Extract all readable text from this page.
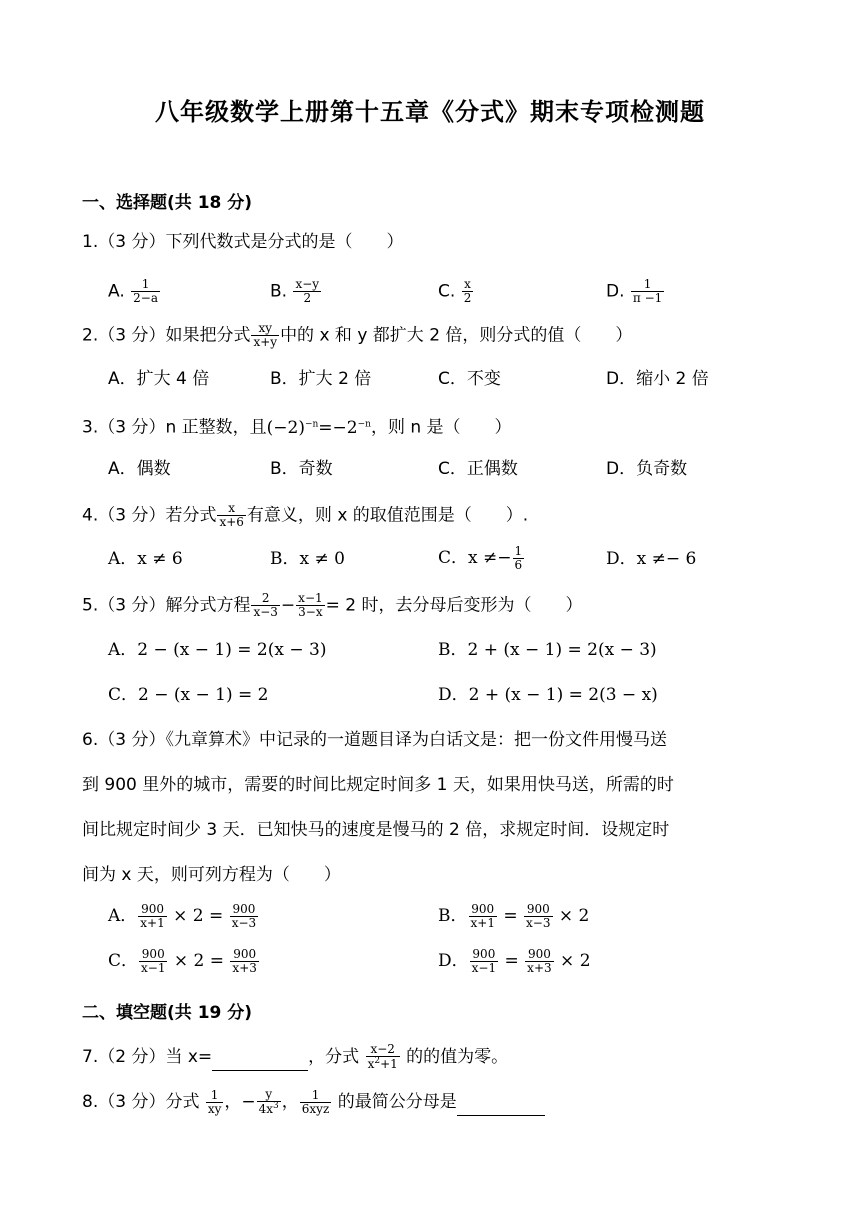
八年级数学上册第十五章《分式》期末专项检测题
一、选择题(共 18 分)
1.（3 分）下列代数式是分式的是（　　）
A. $\frac{1}{2-a}$	B. $\frac{x-y}{2}$	C. $\frac{x}{2}$	D. $\frac{1}{\pi -1}$
2.（3 分）如果把分式 $\frac{xy}{x+y}$ 中的 x 和 y 都扩大 2 倍，则分式的值（　　）
A．扩大 4 倍	B．扩大 2 倍	C．不变	D．缩小 2 倍
3.（3 分）n 正整数，且$(-2)^{-n}=-2^{-n}$，则 n 是（　　）
A．偶数	B．奇数	C．正偶数	D．负奇数
4.（3 分）若分式 $\frac{x}{x+6}$ 有意义，则 x 的取值范围是（　　）.
A．x ≠ 6	B．x ≠ 0	C．$x \ne- \frac{1}{6}$	D．x ≠− 6
5.（3 分）解分式方程 $\frac{2}{x-3} - \frac{x-1}{3-x} = 2$ 时，去分母后变形为（　　）
A．2 − (x − 1) = 2(x − 3)	B．2 + (x − 1) = 2(x − 3)
C．2 − (x − 1) = 2	D．2 + (x − 1) = 2(3 − x)
6.（3 分）《九章算术》中记录的一道题目译为白话文是：把一份文件用慢马送
到 900 里外的城市，需要的时间比规定时间多 1 天，如果用快马送，所需的时
间比规定时间少 3 天．已知快马的速度是慢马的 2 倍，求规定时间．设规定时
间为 x 天，则可列方程为（　　）
A． $\frac{900}{x+1} \times 2 = \frac{900}{x-3}$	B． $\frac{900}{x+1} = \frac{900}{x-3} \times 2$
C． $\frac{900}{x-1} \times 2 = \frac{900}{x+3}$	D． $\frac{900}{x-1} = \frac{900}{x+3} \times 2$
二、填空题(共 19 分)
7.（2 分）当 x=	，分式 $\frac{x-2}{x^2+1}$ 的的值为零。
8.（3 分）分式 $\frac{1}{xy}$ ，− $\frac{y}{4x^3}$ ， $\frac{1}{\text{6xyz}}$ 的最简公分母是
